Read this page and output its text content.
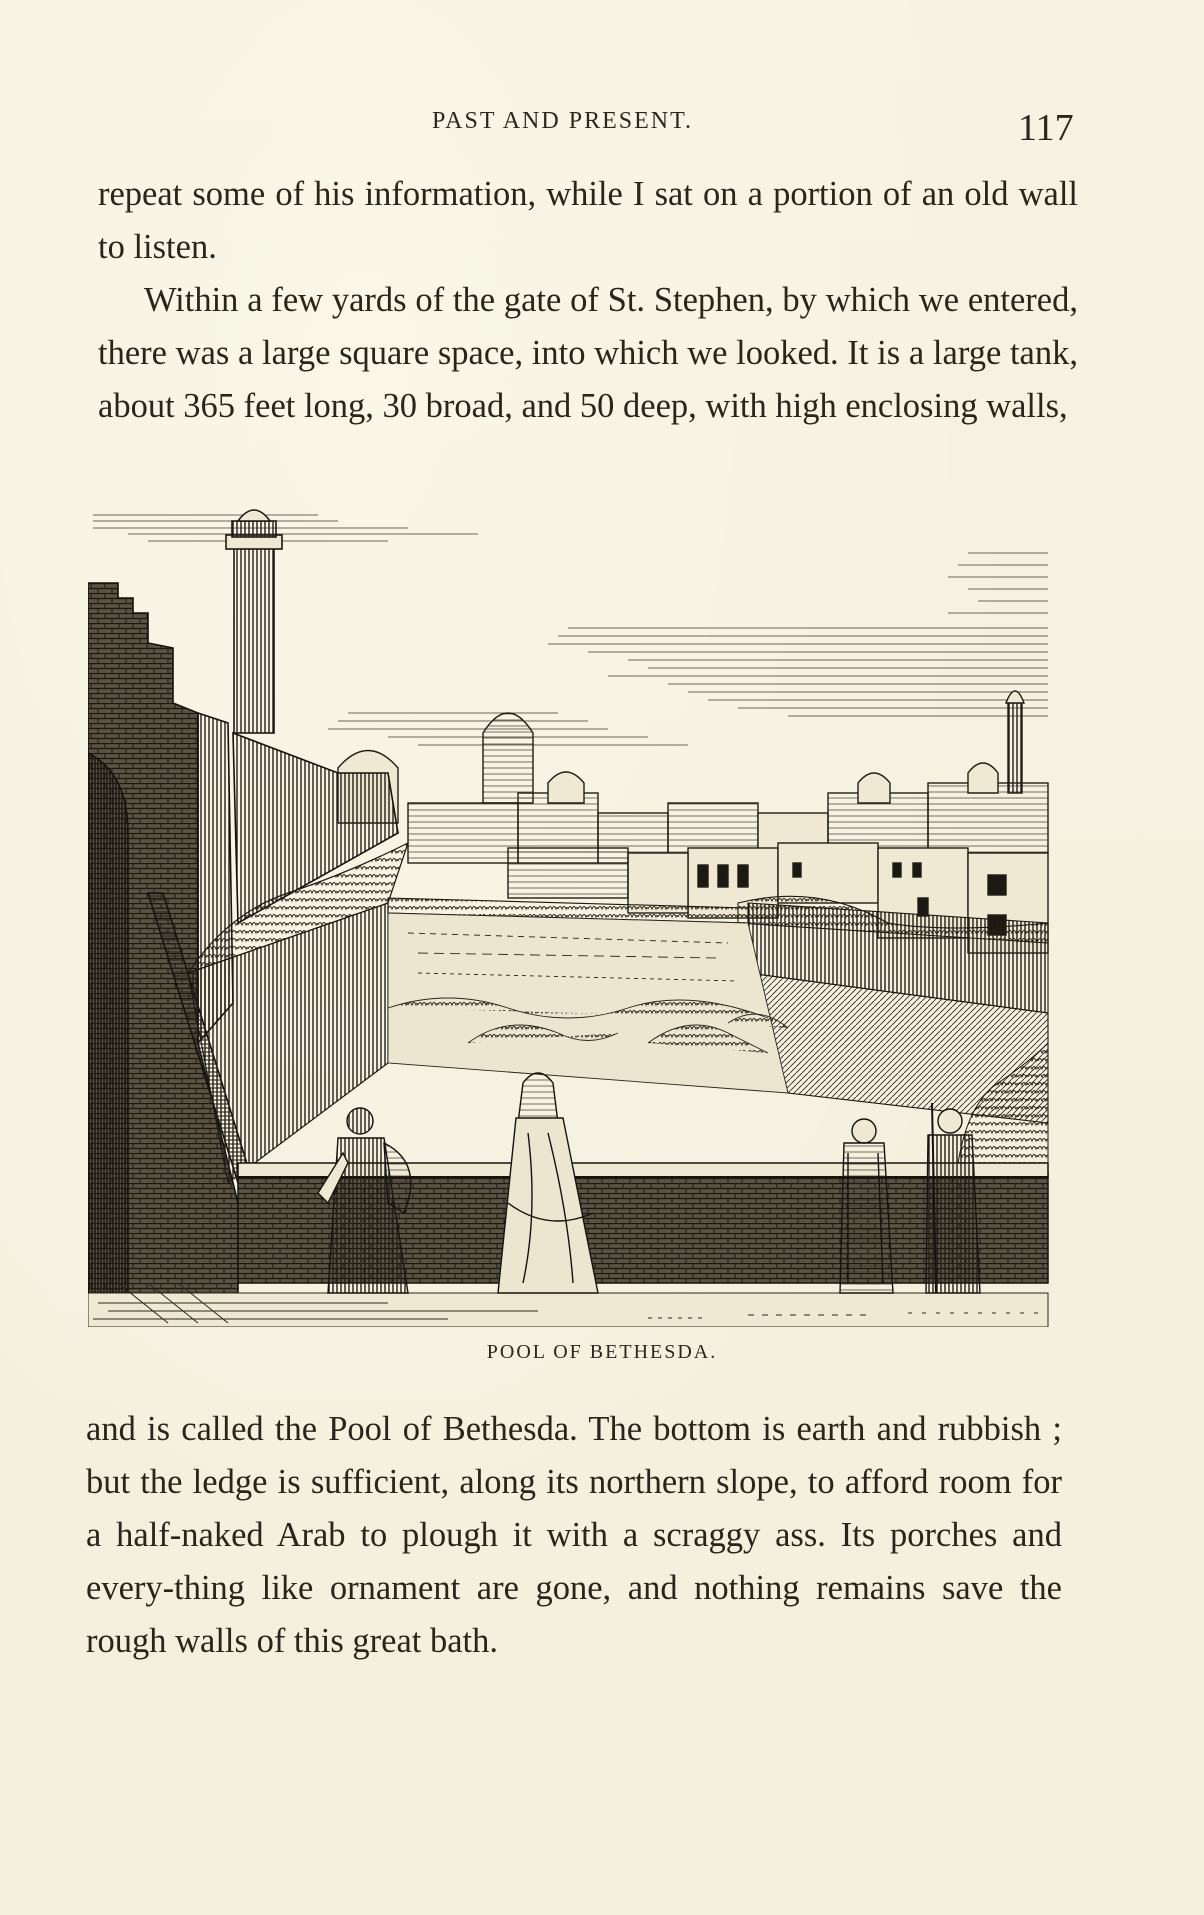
PAST AND PRESENT.	117

repeat some of his information, while I sat on a portion of an old wall to listen.

Within a few yards of the gate of St. Stephen, by which we entered, there was a large square space, into which we looked. It is a large tank, about 365 feet long, 30 broad, and 50 deep, with high enclosing walls,

POOL OF BETHESDA.

and is called the Pool of Bethesda. The bottom is earth and rubbish ; but the ledge is sufficient, along its northern slope, to afford room for a half-naked Arab to plough it with a scraggy ass. Its porches and every-thing like ornament are gone, and nothing remains save the rough walls of this great bath.
